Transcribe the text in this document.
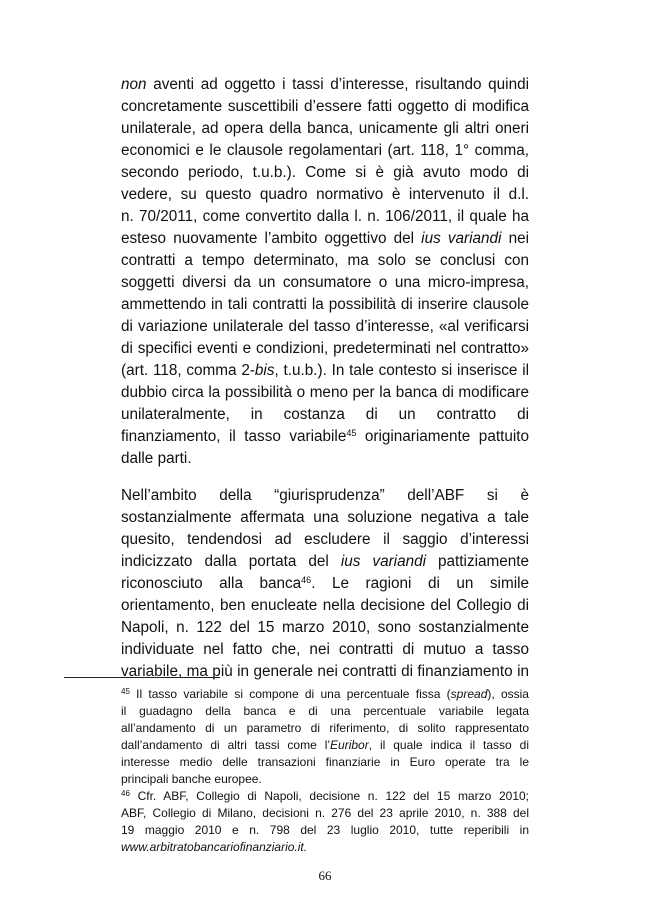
non aventi ad oggetto i tassi d’interesse, risultando quindi
concretamente suscettibili d’essere fatti oggetto di modifica
unilaterale, ad opera della banca, unicamente gli altri oneri
economici e le clausole regolamentari (art. 118, 1° comma,
secondo periodo, t.u.b.). Come si è già avuto modo di
vedere, su questo quadro normativo è intervenuto il d.l.
n. 70/2011, come convertito dalla l. n. 106/2011, il quale ha
esteso nuovamente l’ambito oggettivo del ius variandi nei
contratti a tempo determinato, ma solo se conclusi con
soggetti diversi da un consumatore o una micro-impresa,
ammettendo in tali contratti la possibilità di inserire clausole
di variazione unilaterale del tasso d’interesse, «al verificarsi
di specifici eventi e condizioni, predeterminati nel contratto»
(art. 118, comma 2-bis, t.u.b.). In tale contesto si inserisce il
dubbio circa la possibilità o meno per la banca di modificare
unilateralmente, in costanza di un contratto di
finanziamento, il tasso variabile$^{45}$ originariamente pattuito
dalle parti.

Nell’ambito della “giurisprudenza” dell’ABF si è
sostanzialmente affermata una soluzione negativa a tale
quesito, tendendosi ad escludere il saggio d’interessi
indicizzato dalla portata del ius variandi pattiziamente
riconosciuto alla banca$^{46}$. Le ragioni di un simile
orientamento, ben enucleate nella decisione del Collegio di
Napoli, n. 122 del 15 marzo 2010, sono sostanzialmente
individuate nel fatto che, nei contratti di mutuo a tasso
variabile, ma più in generale nei contratti di finanziamento in

$^{45}$ Il tasso variabile si compone di una percentuale fissa (spread), ossia
il guadagno della banca e di una percentuale variabile legata
all’andamento di un parametro di riferimento, di solito rappresentato
dall’andamento di altri tassi come l’Euribor, il quale indica il tasso di
interesse medio delle transazioni finanziarie in Euro operate tra le
principali banche europee.
$^{46}$ Cfr. ABF, Collegio di Napoli, decisione n. 122 del 15 marzo 2010;
ABF, Collegio di Milano, decisioni n. 276 del 23 aprile 2010, n. 388 del
19 maggio 2010 e n. 798 del 23 luglio 2010, tutte reperibili in
www.arbitratobancariofinanziario.it.
66
